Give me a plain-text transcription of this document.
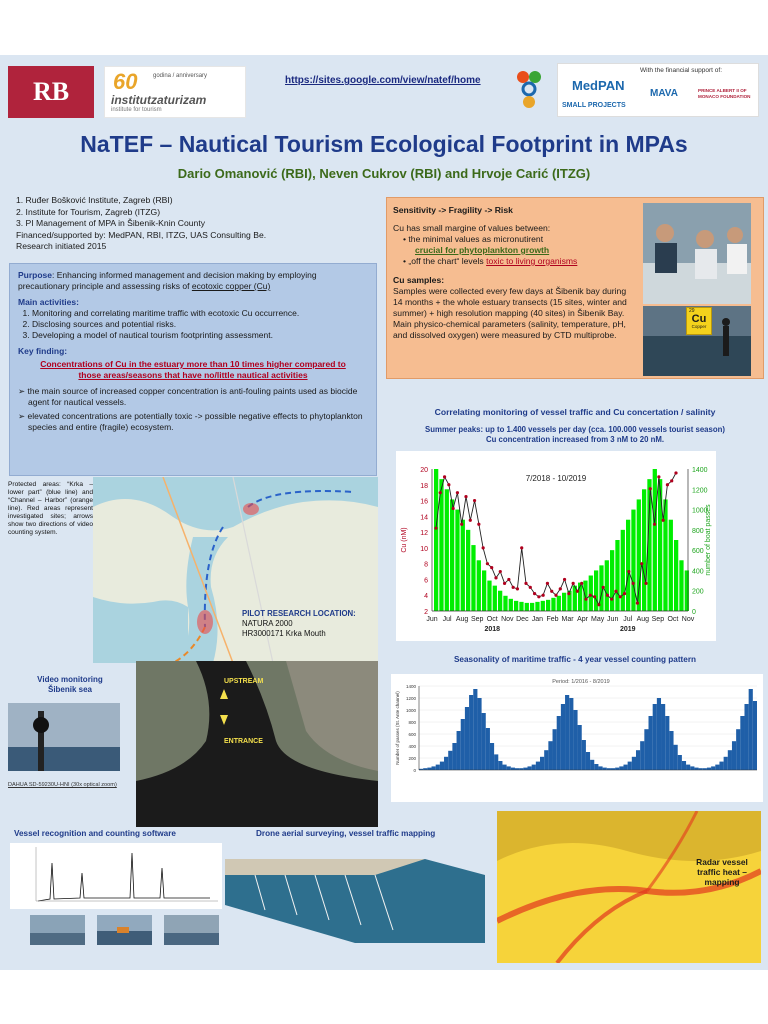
RB 60	godina / anniversary
institutzaturizam
institute for tourism
https://sites.google.com/view/natef/home
With the financial support of:
MedPAN
SMALL PROJECTS
MAVA	PRINCE ALBERT II OF MONACO FOUNDATION
NaTEF – Nautical Tourism Ecological Footprint in MPAs
Dario Omanović (RBI), Neven Cukrov (RBI) and Hrvoje Carić (ITZG)
1. Ruđer Bošković Institute, Zagreb (RBI)
2. Institute for Tourism, Zagreb (ITZG)
3. PI Management of MPA in Šibenik-Knin County
Financed/supported by: MedPAN, RBI, ITZG, UAS Consulting Be.
Research initiated 2015
Purpose: Enhancing informed management and decision making by employing precautionary principle and assessing risks of ecotoxic copper (Cu)
Main activities:
1. Monitoring and correlating maritime traffic with ecotoxic Cu occurrence.
2. Disclosing sources and potential risks.
3. Developing a model of nautical tourism footprinting assessment.
Key finding:
Concentrations of Cu in the estuary more than 10 times higher compared to those areas/seasons that have no/little nautical activities
➢ the main source of increased copper concentration is anti-fouling paints used as biocide agent for nautical vessels.
➢ elevated concentrations are potentially toxic -> possible negative effects to phytoplankton species and entire (fragile) ecosystem.
Sensitivity -> Fragility -> Risk
Cu has small margine of values between:
• the minimal values as micronutirent
crucial for phytoplankton growth
• „off the chart“ levels toxic to living organisms
Cu samples:
Samples were collected every few days at Šibenik bay during 14 months + the whole estuary transects (15 sites, winter and summer) + high resolution mapping (40 sites) in Šibenik Bay. Main physico-chemical parameters (salinity, temperature, pH, and dissolved oxygen) were measured by CTD multiprobe.
29
Cu
Copper
Correlating monitoring of vessel traffic and Cu concertation / salinity
Summer peaks: up to 1.400 vessels per day (cca. 100.000 vessels tourist season)
Cu concentration increased from 3 nM to 20 nM.
2
4
6
8
10
12
14
16
18
20
0
200
400
600
800
1000
1200
1400
Jun Jul Aug Sep Oct Nov Dec Jan Feb Mar Apr May Jun Jul Aug Sep Oct Nov
2018	2019
7/2018 - 10/2019
Cu (nM)	number of boat passes
Seasonality of maritime traffic - 4 year vessel counting pattern
0
200
400
600
800
1000
1200
1400
Period: 1/2016 - 8/2019
Number of passes (St. Ante channel)
Protected areas: “Krka – lower part” (blue line) and “Channel – Harbor” (orange line). Red areas represent investigated sites; arrows show two directions of video counting system.
PILOT RESEARCH LOCATION:
NATURA 2000
HR3000171 Krka Mouth
Video monitoring
Šibenik sea
DAHUA SD-59230U-HNI (30x optical zoom)
UPSTREAM
ENTRANCE
Vessel recognition and counting software	Drone aerial surveying, vessel traffic mapping
Radar vessel traffic heat – mapping
